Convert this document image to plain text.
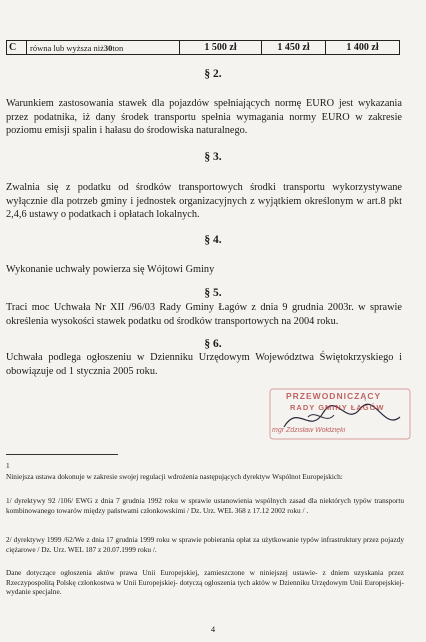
C	równa lub wyższa niż 30 ton	1 500 zł	1 450 zł	1 400 zł
§ 2.
Warunkiem zastosowania stawek dla pojazdów spełniających normę EURO jest wykazania przez podatnika, iż dany środek transportu spełnia wymagania normy EURO w zakresie poziomu emisji spalin i hałasu do środowiska naturalnego.
§ 3.
Zwalnia się z podatku od środków transportowych środki transportu wykorzystywane wyłącznie dla potrzeb gminy i jednostek organizacyjnych z wyjątkiem określonym w art.8 pkt 2,4,6 ustawy o podatkach i opłatach lokalnych.
§ 4.
Wykonanie uchwały powierza się Wójtowi Gminy
§ 5.
Traci moc Uchwała Nr XII /96/03 Rady Gminy Łagów z dnia 9 grudnia 2003r. w sprawie określenia wysokości stawek podatku od środków transportowych na 2004 roku.
§ 6.
Uchwała podlega ogłoszeniu w Dzienniku Urzędowym Województwa Świętokrzyskiego i obowiązuje od 1 stycznia 2005 roku.
PRZEWODNICZĄCY
RADY GMINY ŁAGÓW
mgr Zdzisław Wołdzięki
1
Niniejsza ustawa dokonuje w zakresie swojej regulacji wdrożenia następujących dyrektyw Wspólnot Europejskich:
1/ dyrektywy 92 /106/ EWG z dnia 7 grudnia 1992 roku w sprawie ustanowienia wspólnych zasad dla niektórych typów transportu kombinowanego towarów między państwami członkowskimi / Dz. Urz. WEL 368 z 17.12 2002 roku / .
2/ dyrektywy 1999 /62/We z dnia 17 grudnia 1999 roku w sprawie pobierania opłat za użytkowanie typów infrastruktury przez pojazdy ciężarowe / Dz. Urz. WEL 187 z 20.07.1999 roku /.
Dane dotyczące ogłoszenia aktów prawa Unii Europejskiej, zamieszczone w niniejszej ustawie- z dniem uzyskania przez Rzeczypospolitą Polskę członkostwa w Unii Europejskiej- dotyczą ogłoszenia tych aktów w Dzienniku Urzędowym Unii Europejskiej- wydanie specjalne.
4
